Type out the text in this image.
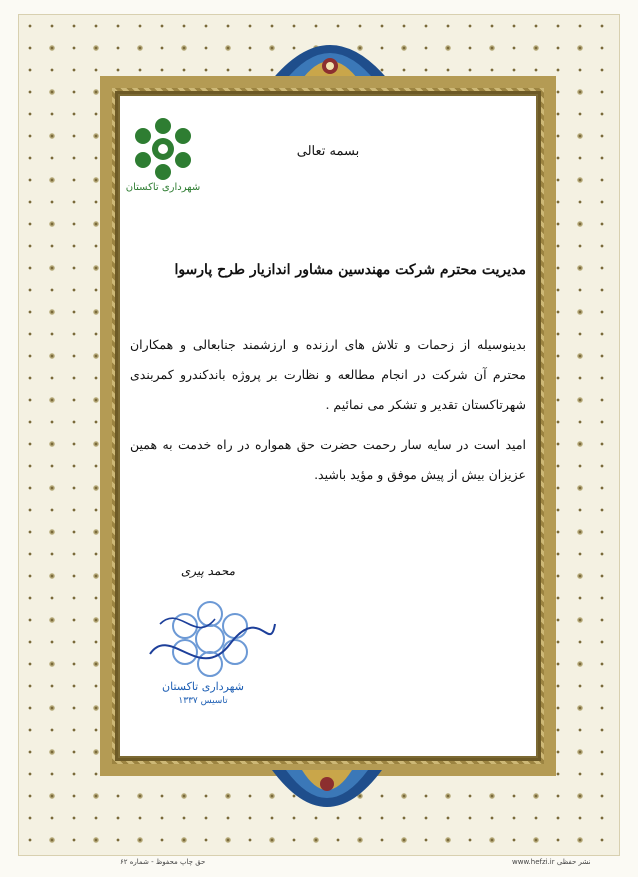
شهرداری تاکستان
بسمه تعالی
مدیریت محترم شرکت مهندسین مشاور اندازیار طرح پارسوا
بدینوسیله از زحمات و تلاش های ارزنده و ارزشمند جنابعالی و همکاران محترم آن شرکت در انجام مطالعه و نظارت بر پروژه باندکندرو کمربندی شهرتاکستان تقدیر و تشکر می نمائیم .
امید است در سایه سار رحمت حضرت حق همواره در راه خدمت به همین عزیزان بیش از پیش موفق و مؤید باشید.
محمد پیری
شهرداری تاکستان
تاسیس ۱۳۳۷
حق چاپ محفوظ - شماره ۶۲	www.hefzi.ir نشر حفظی
